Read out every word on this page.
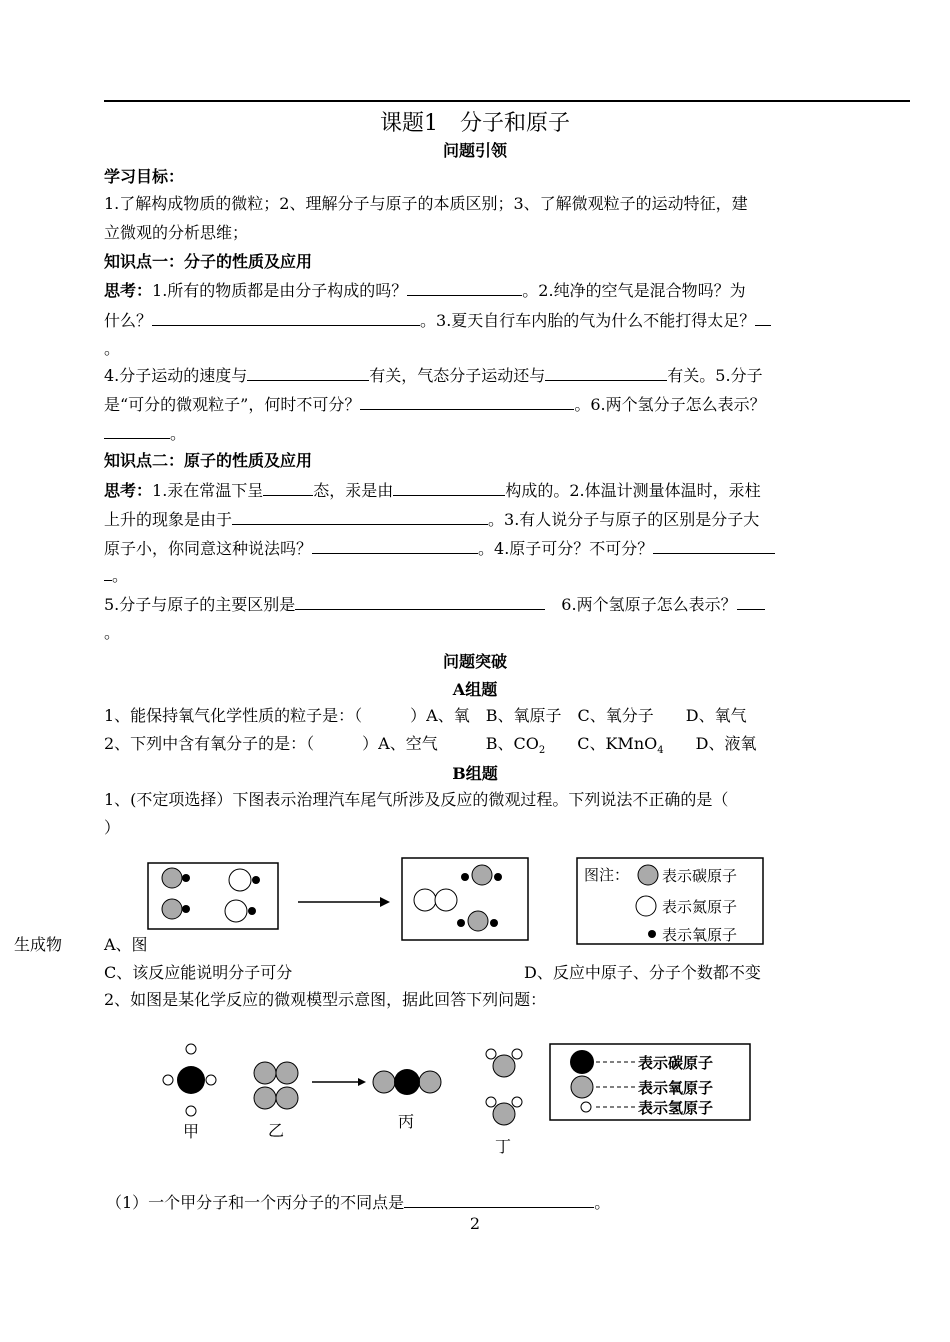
课题1　分子和原子
问题引领
学习目标：
1.了解构成物质的微粒；2、理解分子与原子的本质区别；3、了解微观粒子的运动特征，建
立微观的分析思维；
知识点一：分子的性质及应用
思考：1.所有的物质都是由分子构成的吗？	。2.纯净的空气是混合物吗？为
什么？	。3.夏天自行车内胎的气为什么不能打得太足？
。
4.分子运动的速度与	有关，气态分子运动还与	有关。5.分子
是“可分的微观粒子”，何时不可分？	。6.两个氢分子怎么表示？
。
知识点二：原子的性质及应用
思考：1.汞在常温下呈	态，汞是由	构成的。2.体温计测量体温时，汞柱
上升的现象是由于	。3.有人说分子与原子的区别是分子大
原子小，你同意这种说法吗？	。4.原子可分？不可分？
。
5.分子与原子的主要区别是　	6.两个氢原子怎么表示？
。
问题突破
A组题
1、能保持氧气化学性质的粒子是：（　　　）A、氧　B、氧原子　C、氧分子　　D、氧气
2、下列中含有氧分子的是：（　　　）A、空气　　　B、$CO_2$　　C、KMnO$_4$　　D、液氧
B组题
1、(不定项选择）下图表示治理汽车尾气所涉及反应的微观过程。下列说法不正确的是（
）
图注： 表示碳原子
表示氮原子
表示氧原子
生成物	A、图
C、该反应能说明分子可分	D、反应中原子、分子个数都不变
2、如图是某化学反应的微观模型示意图，据此回答下列问题：
甲	乙	丙
丁
表示碳原子
表示氧原子
表示氢原子
（1）一个甲分子和一个丙分子的不同点是	。
2
